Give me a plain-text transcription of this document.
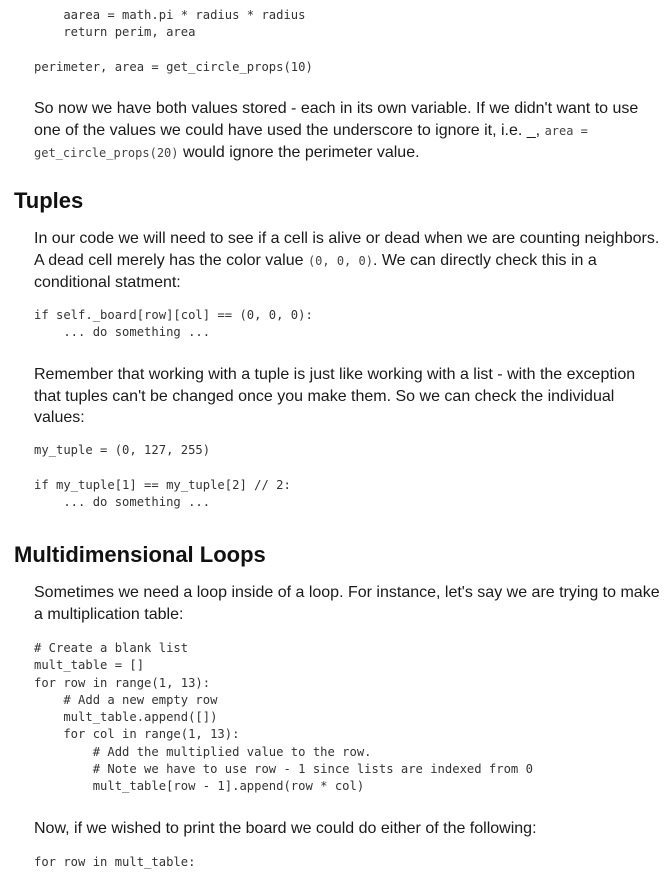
aarea = math.pi * radius * radius
return perim, area

perimeter, area = get_circle_props(10)

So now we have both values stored - each in its own variable. If we didn't want to use one of the values we could have used the underscore to ignore it, i.e. _, area = get_circle_props(20) would ignore the perimeter value.

Tuples

In our code we will need to see if a cell is alive or dead when we are counting neighbors. A dead cell merely has the color value (0, 0, 0). We can directly check this in a conditional statment:

if self._board[row][col] == (0, 0, 0):
... do something ...

Remember that working with a tuple is just like working with a list - with the exception that tuples can't be changed once you make them. So we can check the individual values:

my_tuple = (0, 127, 255)

if my_tuple[1] == my_tuple[2] // 2:
... do something ...
Multidimensional Loops

Sometimes we need a loop inside of a loop. For instance, let's say we are trying to make a multiplication table:

# Create a blank list
mult_table = []
for row in range(1, 13):
# Add a new empty row
mult_table.append([])
for col in range(1, 13):
# Add the multiplied value to the row.
# Note we have to use row - 1 since lists are indexed from 0
mult_table[row - 1].append(row * col)

Now, if we wished to print the board we could do either of the following:

for row in mult_table:
